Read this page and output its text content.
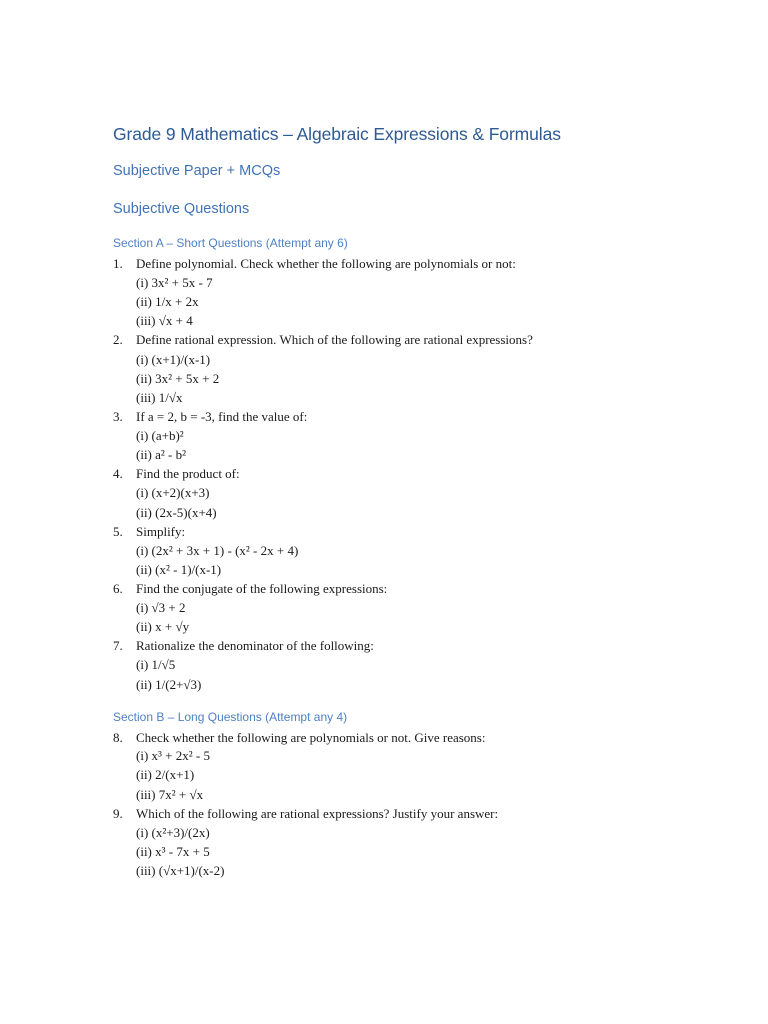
Grade 9 Mathematics – Algebraic Expressions & Formulas
Subjective Paper + MCQs
Subjective Questions
Section A – Short Questions (Attempt any 6)
1.	Define polynomial. Check whether the following are polynomials or not:
(i) 3x² + 5x - 7
(ii) 1/x + 2x
(iii) √x + 4
2.	Define rational expression. Which of the following are rational expressions?
(i) (x+1)/(x-1)
(ii) 3x² + 5x + 2
(iii) 1/√x
3.	If a = 2, b = -3, find the value of:
(i) (a+b)²
(ii) a² - b²
4.	Find the product of:
(i) (x+2)(x+3)
(ii) (2x-5)(x+4)
5.	Simplify:
(i) (2x² + 3x + 1) - (x² - 2x + 4)
(ii) (x² - 1)/(x-1)
6.	Find the conjugate of the following expressions:
(i) √3 + 2
(ii) x + √y
7.	Rationalize the denominator of the following:
(i) 1/√5
(ii) 1/(2+√3)
Section B – Long Questions (Attempt any 4)
8.	Check whether the following are polynomials or not. Give reasons:
(i) x³ + 2x² - 5
(ii) 2/(x+1)
(iii) 7x² + √x
9.	Which of the following are rational expressions? Justify your answer:
(i) (x²+3)/(2x)
(ii) x³ - 7x + 5
(iii) (√x+1)/(x-2)
